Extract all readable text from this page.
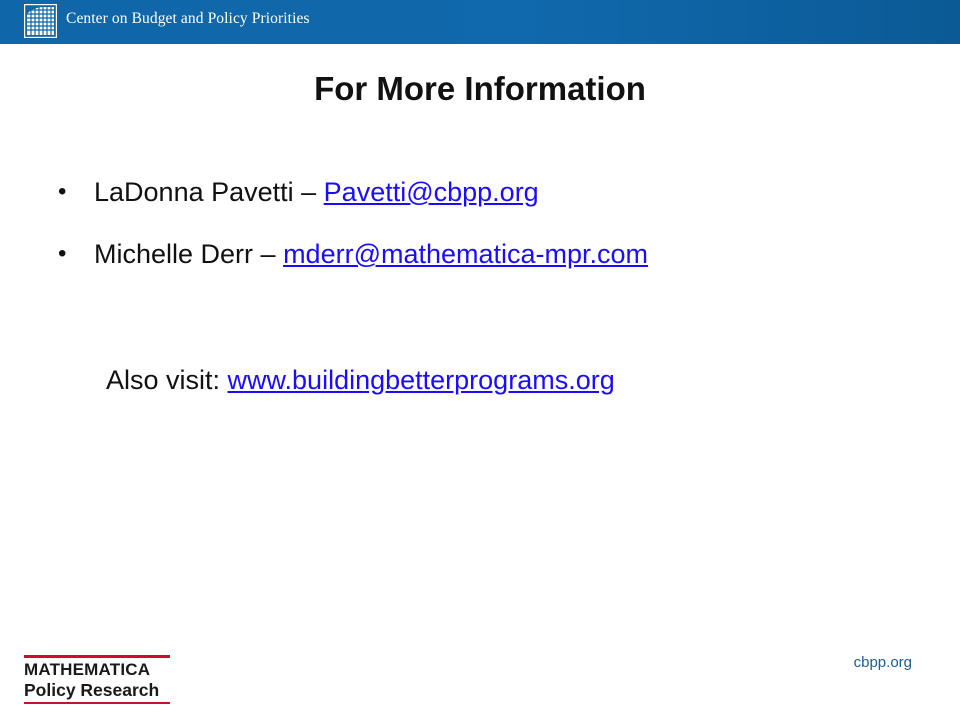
Center on Budget and Policy Priorities
For More Information
• LaDonna Pavetti – Pavetti@cbpp.org
• Michelle Derr – mderr@mathematica-mpr.com
Also visit: www.buildingbetterprograms.org
MATHEMATICA
Policy Research
cbpp.org
